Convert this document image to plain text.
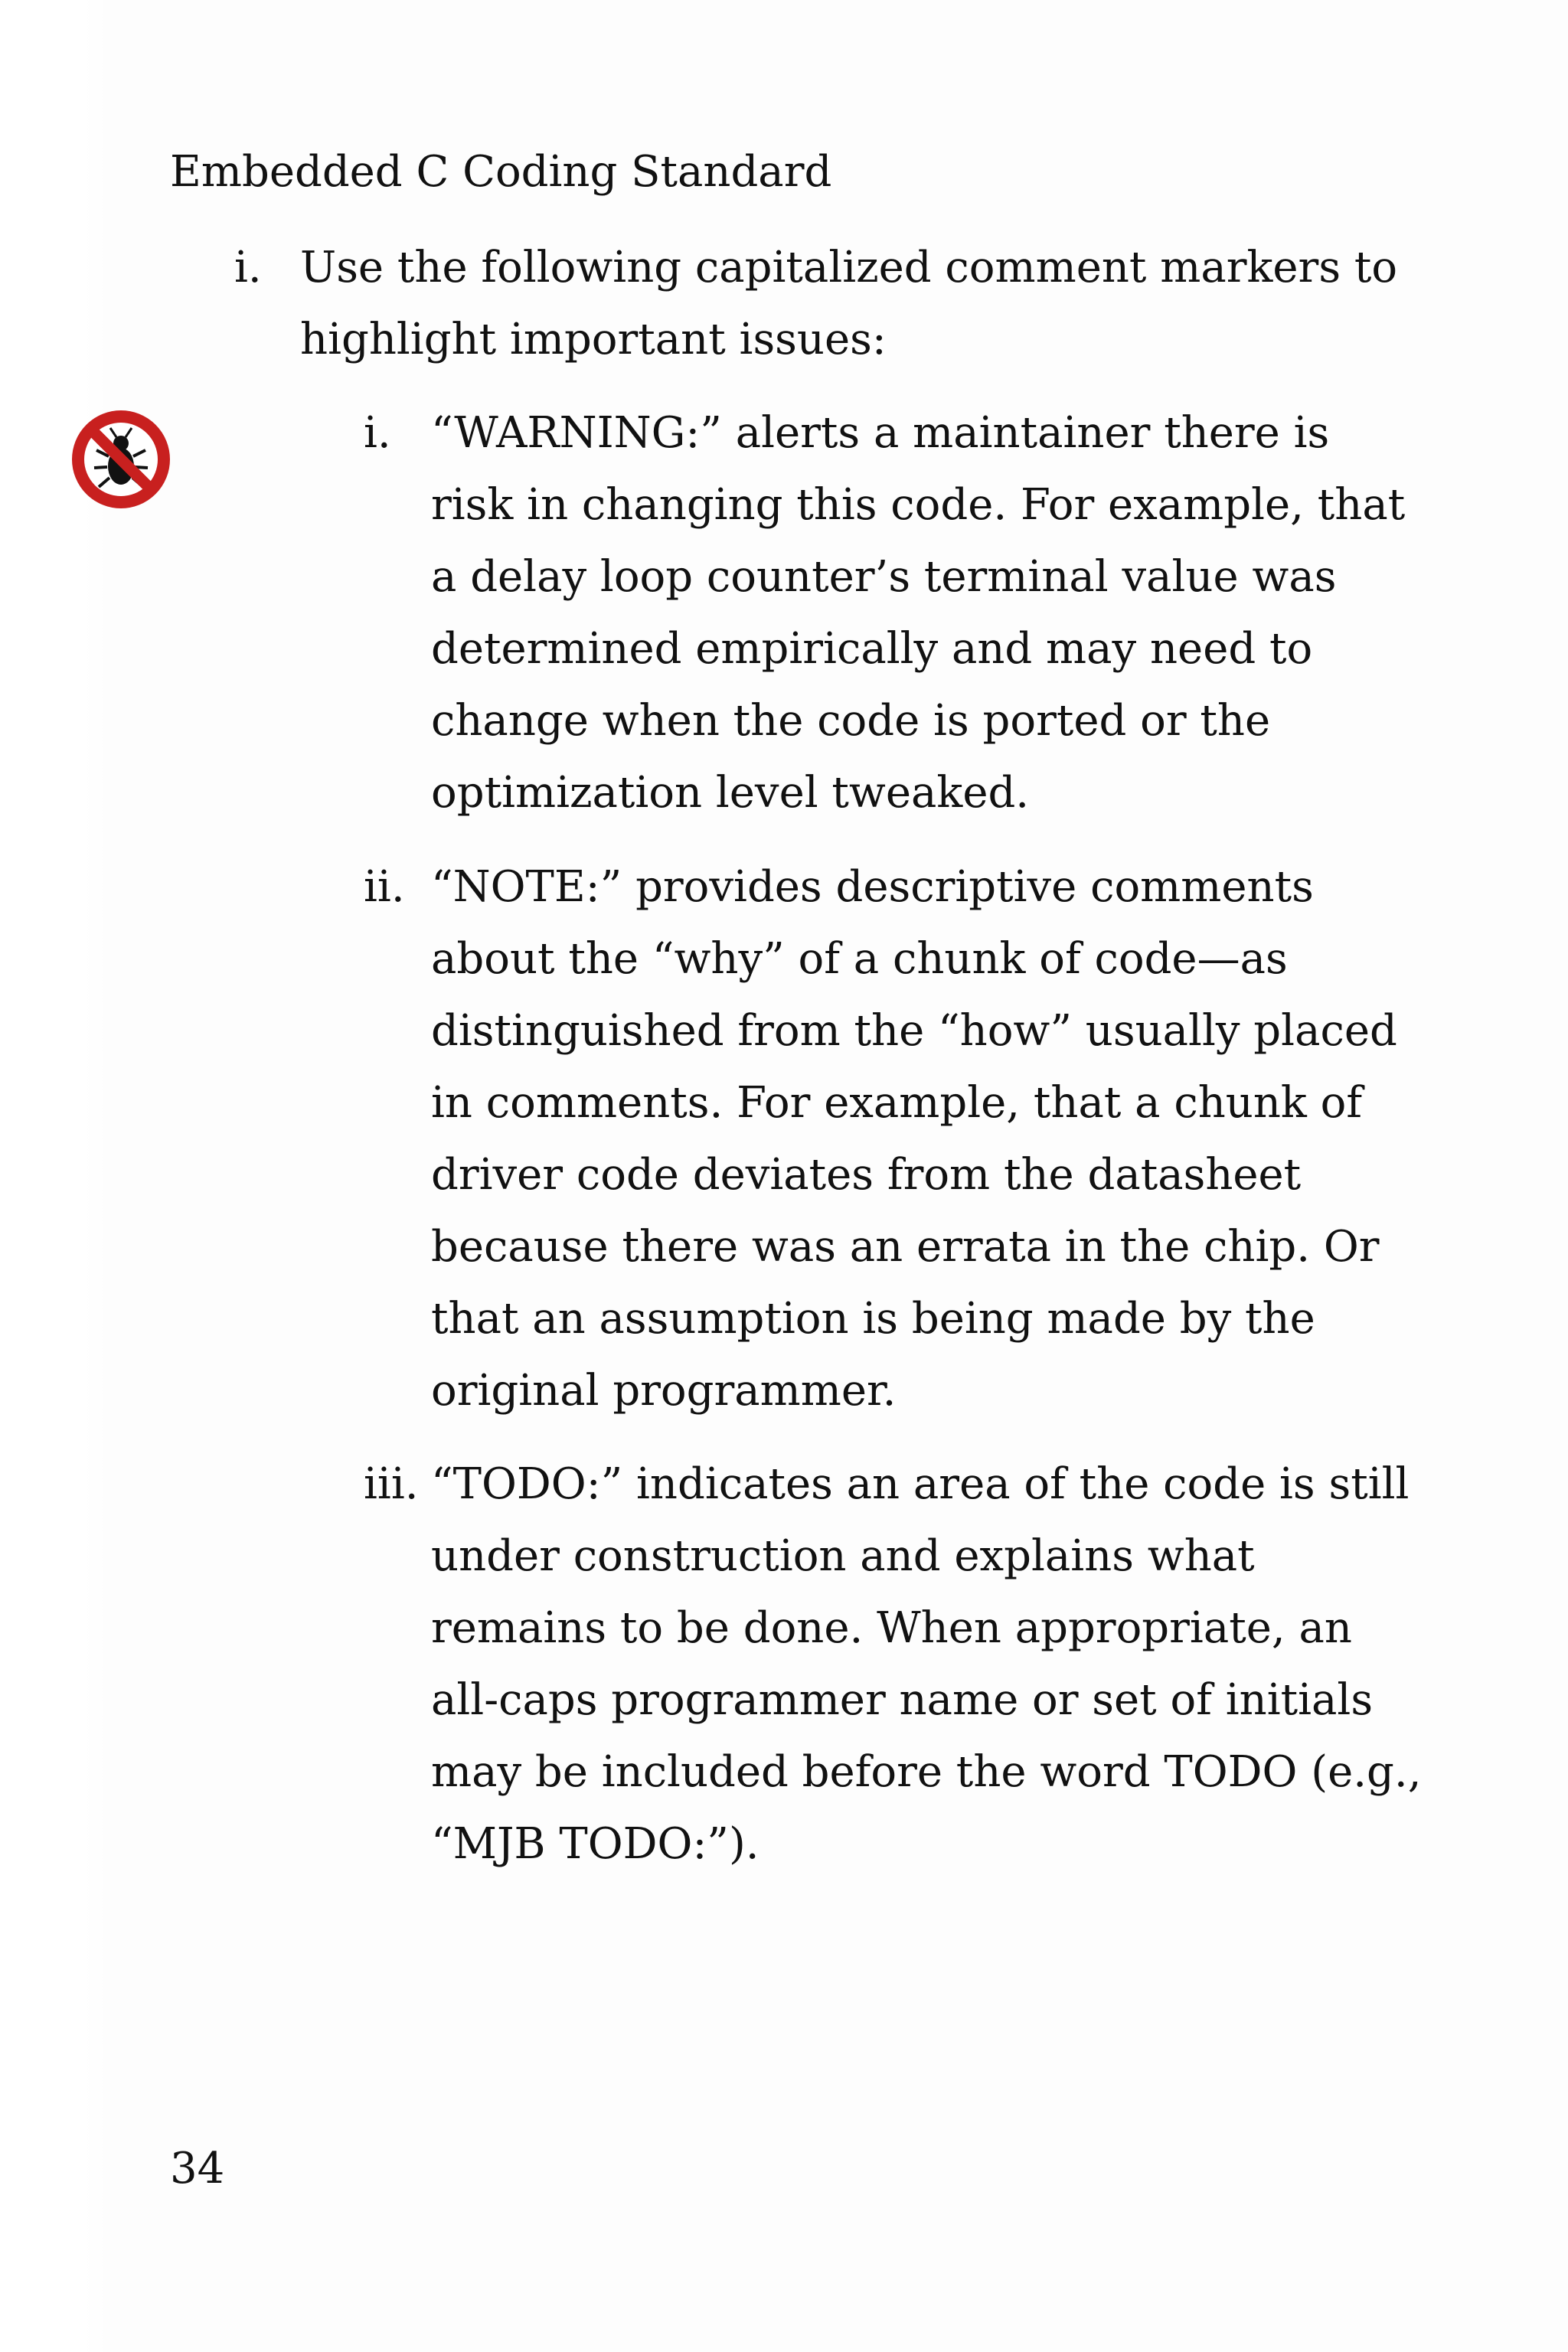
Embedded C Coding Standard
i. Use the following capitalized comment markers to
highlight important issues:
i. “WARNING:” alerts a maintainer there is
risk in changing this code. For example, that
a delay loop counter’s terminal value was
determined empirically and may need to
change when the code is ported or the
optimization level tweaked.
ii. “NOTE:” provides descriptive comments
about the “why” of a chunk of code—as
distinguished from the “how” usually placed
in comments. For example, that a chunk of
driver code deviates from the datasheet
because there was an errata in the chip. Or
that an assumption is being made by the
original programmer.
iii. “TODO:” indicates an area of the code is still
under construction and explains what
remains to be done. When appropriate, an
all-caps programmer name or set of initials
may be included before the word TODO (e.g.,
“MJB TODO:”).
34
